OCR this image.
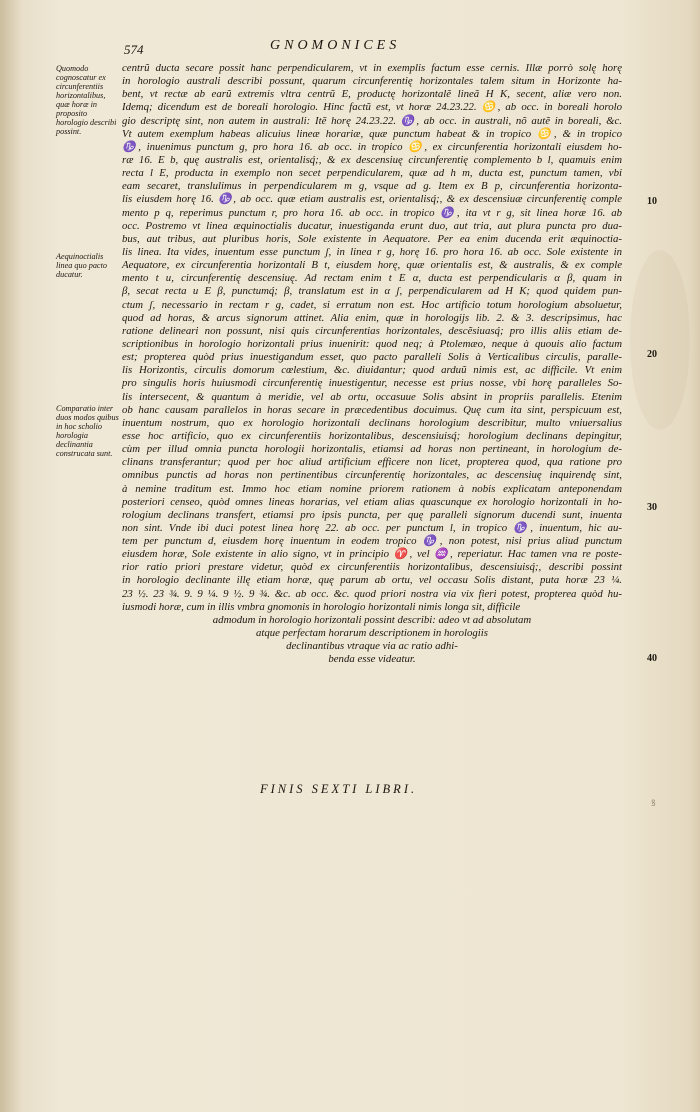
574	GNOMONICES
Quomodo cognoscatur ex circunferentiis horizontalibus, quæ horæ in proposito horologio describi possint.
Aequinoctialis linea quo pacto ducatur.
Comparatio inter duos modos quibus in hoc scholio horologia declinantia construcata sunt.
centrũ ducta secare possit hanc perpendicularem, vt in exemplis factum esse cernis. Illæ porrò solę horę
in horologio australi describi possunt, quarum circunferentię horizontales talem situm in Horizonte ha-
bent, vt rectæ ab earũ extremis vltra centrũ E, productę horizontalẽ lineã H K, secent, aliæ vero non.
Idemq; dicendum est de boreali horologio. Hinc factũ est, vt horæ 24.23.22. ♋, ab occ. in boreali horolo
gio descriptę sint, non autem in australi: Itẽ horę 24.23.22. ♑, ab occ. in australi, nõ autẽ in boreali, &c.
Vt autem exemplum habeas alicuius lineæ horariæ, quæ punctum habeat & in tropico ♋, & in tropico
♑, inuenimus punctum g, pro hora 16. ab occ. in tropico ♋, ex circunferentia horizontali eiusdem ho-
ræ 16. E b, quę australis est, orientalisq́;, & ex descensiuę circunferentię complemento b l, quamuis enim
recta l E, producta in exemplo non secet perpendicularem, quæ ad h m, ducta est, punctum tamen, vbi
eam secaret, translulimus in perpendicularem m g, vsque ad g. Item ex B p, circunferentia horizonta-
lis eiusdem horę 16. ♑, ab occ. quæ etiam australis est, orientalisq́;, & ex descensiuæ circunferentię comple
mento p q, reperimus punctum r, pro hora 16. ab occ. in tropico ♑, ita vt r g, sit linea horæ 16. ab
occ. Postremo vt linea æquinoctialis ducatur, inuestiganda erunt duo, aut tria, aut plura puncta pro dua-
bus, aut tribus, aut pluribus horis, Sole existente in Aequatore. Per ea enim ducenda erit æquinoctia-
lis linea. Ita vides, inuentum esse punctum ʃ, in linea r g, horę 16. pro hora 16. ab occ. Sole existente in
Aequatore, ex circunferentia horizontali B t, eiusdem horę, quæ orientalis est, & australis, & ex comple
mento t u, circunferentię descensiuę. Ad rectam enim t E α, ducta est perpendicularis α β, quam in
β, secat recta u E β, punctumq́; β, translatum est in α ʃ, perpendicularem ad H K; quod quidem pun-
ctum ʃ, necessario in rectam r g, cadet, si erratum non est. Hoc artificio totum horologium absoluetur,
quod ad horas, & arcus signorum attinet. Alia enim, quæ in horologijs lib. 2. & 3. descripsimus, hac
ratione delineari non possunt, nisi quis circunferentias horizontales, descẽsiuasq́; pro illis aliis etiam de-
scriptionibus in horologio horizontali prius inuenirit: quod neq; à Ptolemæo, neque à quouis alio factum
est; propterea quòd prius inuestigandum esset, quo pacto paralleli Solis à Verticalibus circulis, paralle-
lis Horizontis, circulis domorum cœlestium, &c. diuidantur; quod arduũ nimis est, ac difficile. Vt enim
pro singulis horis huiusmodi circunferentię inuestigentur, necesse est prius nosse, vbi horę paralleles So-
lis intersecent, & quantum à meridie, vel ab ortu, occasuue Solis absint in propriis parallelis. Etenim
ob hanc causam parallelos in horas secare in præcedentibus docuimus. Quę cum ita sint, perspicuum est,
inuentum nostrum, quo ex horologio horizontali declinans horologium describitur, multo vniuersalius
esse hoc artificio, quo ex circunferentiis horizontalibus, descensiuisq́; horologium declinans depingitur,
cùm per illud omnia puncta horologii horizontalis, etiamsi ad horas non pertineant, in horologium de-
clinans transferantur; quod per hoc aliud artificium efficere non licet, propterea quod, qua ratione pro
omnibus punctis ad horas non pertinentibus circunferentię horizontales, ac descensiuę inquirendę sint,
à nemine traditum est. Immo hoc etiam nomine priorem rationem à nobis explicatam anteponendam
posteriori censeo, quòd omnes lineas horarias, vel etiam alias quascunque ex horologio horizontali in ho-
rologium declinans transfert, etiamsi pro ipsis puncta, per quę paralleli signorum ducendi sunt, inuenta
non sint. Vnde ibi duci potest linea horę 22. ab occ. per punctum l, in tropico ♑, inuentum, hic au-
tem per punctum d, eiusdem horę inuentum in eodem tropico ♑, non potest, nisi prius aliud punctum
eiusdem horæ, Sole existente in alio signo, vt in principio ♈, vel ♒, reperiatur. Hac tamen vna re poste-
rior ratio priori prestare videtur, quòd ex circunferentiis horizontalibus, descensiuisq́;, describi possint
in horologio declinante illę etiam horæ, quę parum ab ortu, vel occasu Solis distant, puta horæ 23 ¼.
23 ½. 23 ¾. 9. 9 ¼. 9 ½. 9 ¾. &c. ab occ. &c. quod priori nostra via vix fieri potest, propterea quòd hu-
iusmodi horæ, cum in illis vmbra gnomonis in horologio horizontali nimis longa sit, difficile
admodum in horologio horizontali possint describi: adeo vt ad absolutam
atque perfectam horarum descriptionem in horologiis
declinantibus vtraque via ac ratio adhi-
benda esse videatur.
10
20
30
40
FINIS SEXTI LIBRI.
ꝸ
